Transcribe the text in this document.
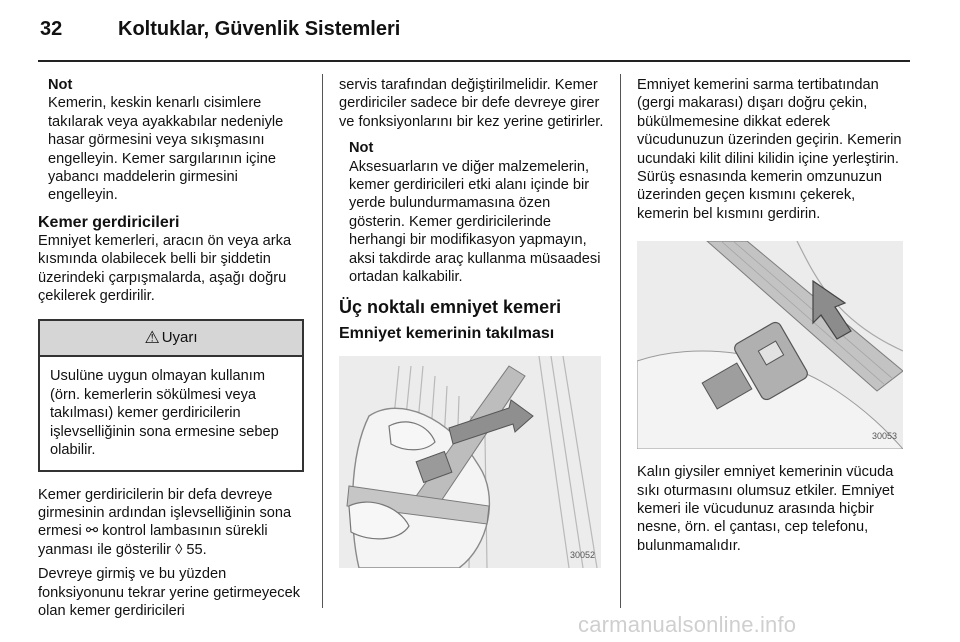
32	Koltuklar, Güvenlik Sistemleri
Not

Kemerin, keskin kenarlı cisimlere takılarak veya ayakkabılar nedeniyle hasar görmesini veya sıkışmasını engelleyin. Kemer sargılarının içine yabancı maddelerin girmesini engelleyin.

Kemer gerdiricileri

Emniyet kemerleri, aracın ön veya arka kısmında olabilecek belli bir şiddetin üzerindeki çarpışmalarda, aşağı doğru çekilerek gerdirilir.

⚠ Uyarı

Usulüne uygun olmayan kullanım (örn. kemerlerin sökülmesi veya takılması) kemer gerdiricilerin işlevselliğinin sona ermesine sebep olabilir.

Kemer gerdiricilerin bir defa devreye girmesinin ardından işlevselliğinin sona ermesi ⚯ kontrol lambasının sürekli yanması ile gösterilir ◊ 55.

Devreye girmiş ve bu yüzden fonksiyonunu tekrar yerine getirmeyecek olan kemer gerdiricileri

servis tarafından değiştirilmelidir. Kemer gerdiriciler sadece bir defe devreye girer ve fonksiyonlarını bir kez yerine getirirler.

Not

Aksesuarların ve diğer malzemelerin, kemer gerdiricileri etki alanı içinde bir yerde bulundurmamasına özen gösterin. Kemer gerdiricilerinde herhangi bir modifikasyon yapmayın, aksi takdirde araç kullanma müsaadesi ortadan kalkabilir.

Üç noktalı emniyet kemeri
Emniyet kemerinin takılması
30052

Emniyet kemerini sarma tertibatından (gergi makarası) dışarı doğru çekin, bükülmemesine dikkat ederek vücudunuzun üzerinden geçirin. Kemerin ucundaki kilit dilini kilidin içine yerleştirin. Sürüş esnasında kemerin omzunuzun üzerinden geçen kısmını çekerek, kemerin bel kısmını gerdirin.

30053

Kalın giysiler emniyet kemerinin vücuda sıkı oturmasını olumsuz etkiler. Emniyet kemeri ile vücudunuz arasında hiçbir nesne, örn. el çantası, cep telefonu, bulunmamalıdır.

carmanualsonline.info
